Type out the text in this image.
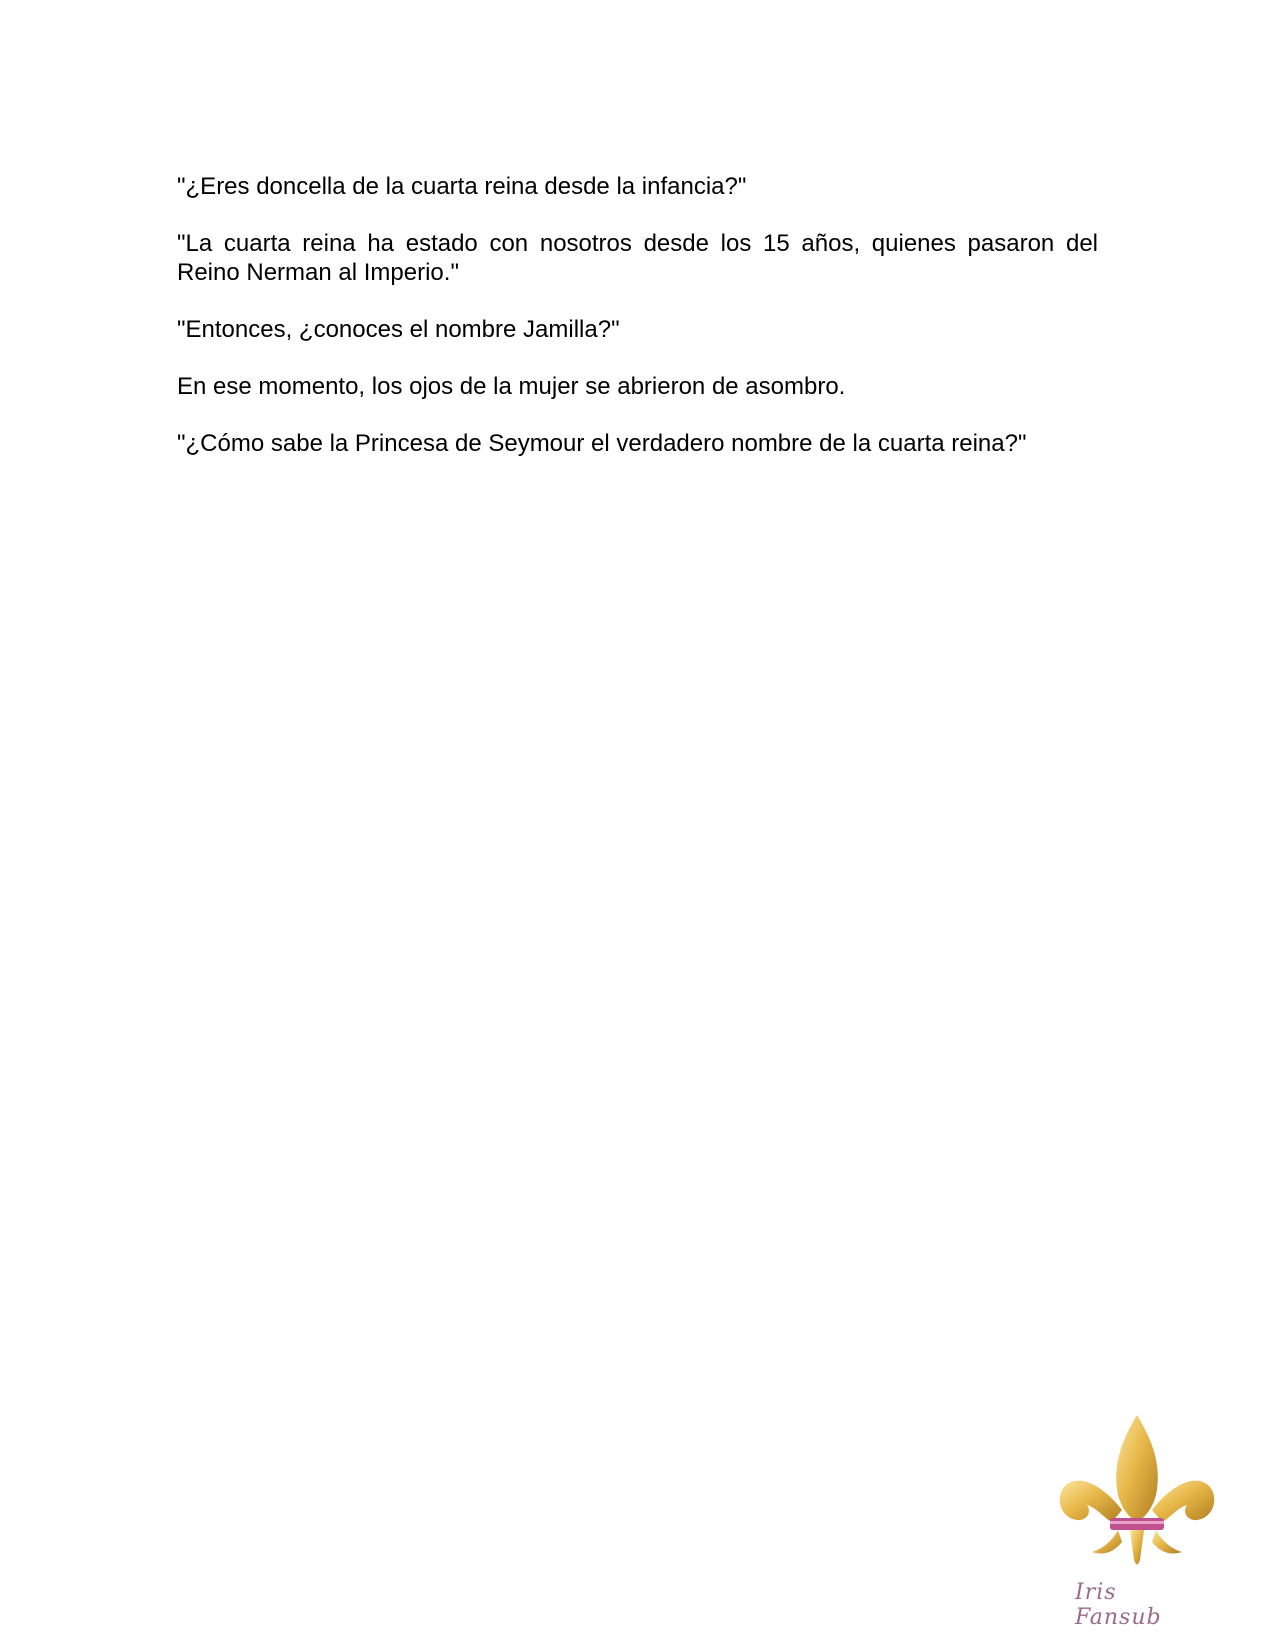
"¿Eres doncella de la cuarta reina desde la infancia?"

"La cuarta reina ha estado con nosotros desde los 15 años, quienes pasaron del Reino Nerman al Imperio."

"Entonces, ¿conoces el nombre Jamilla?"

En ese momento, los ojos de la mujer se abrieron de asombro.

"¿Cómo sabe la Princesa de Seymour el verdadero nombre de la cuarta reina?"

Iris Fansub
